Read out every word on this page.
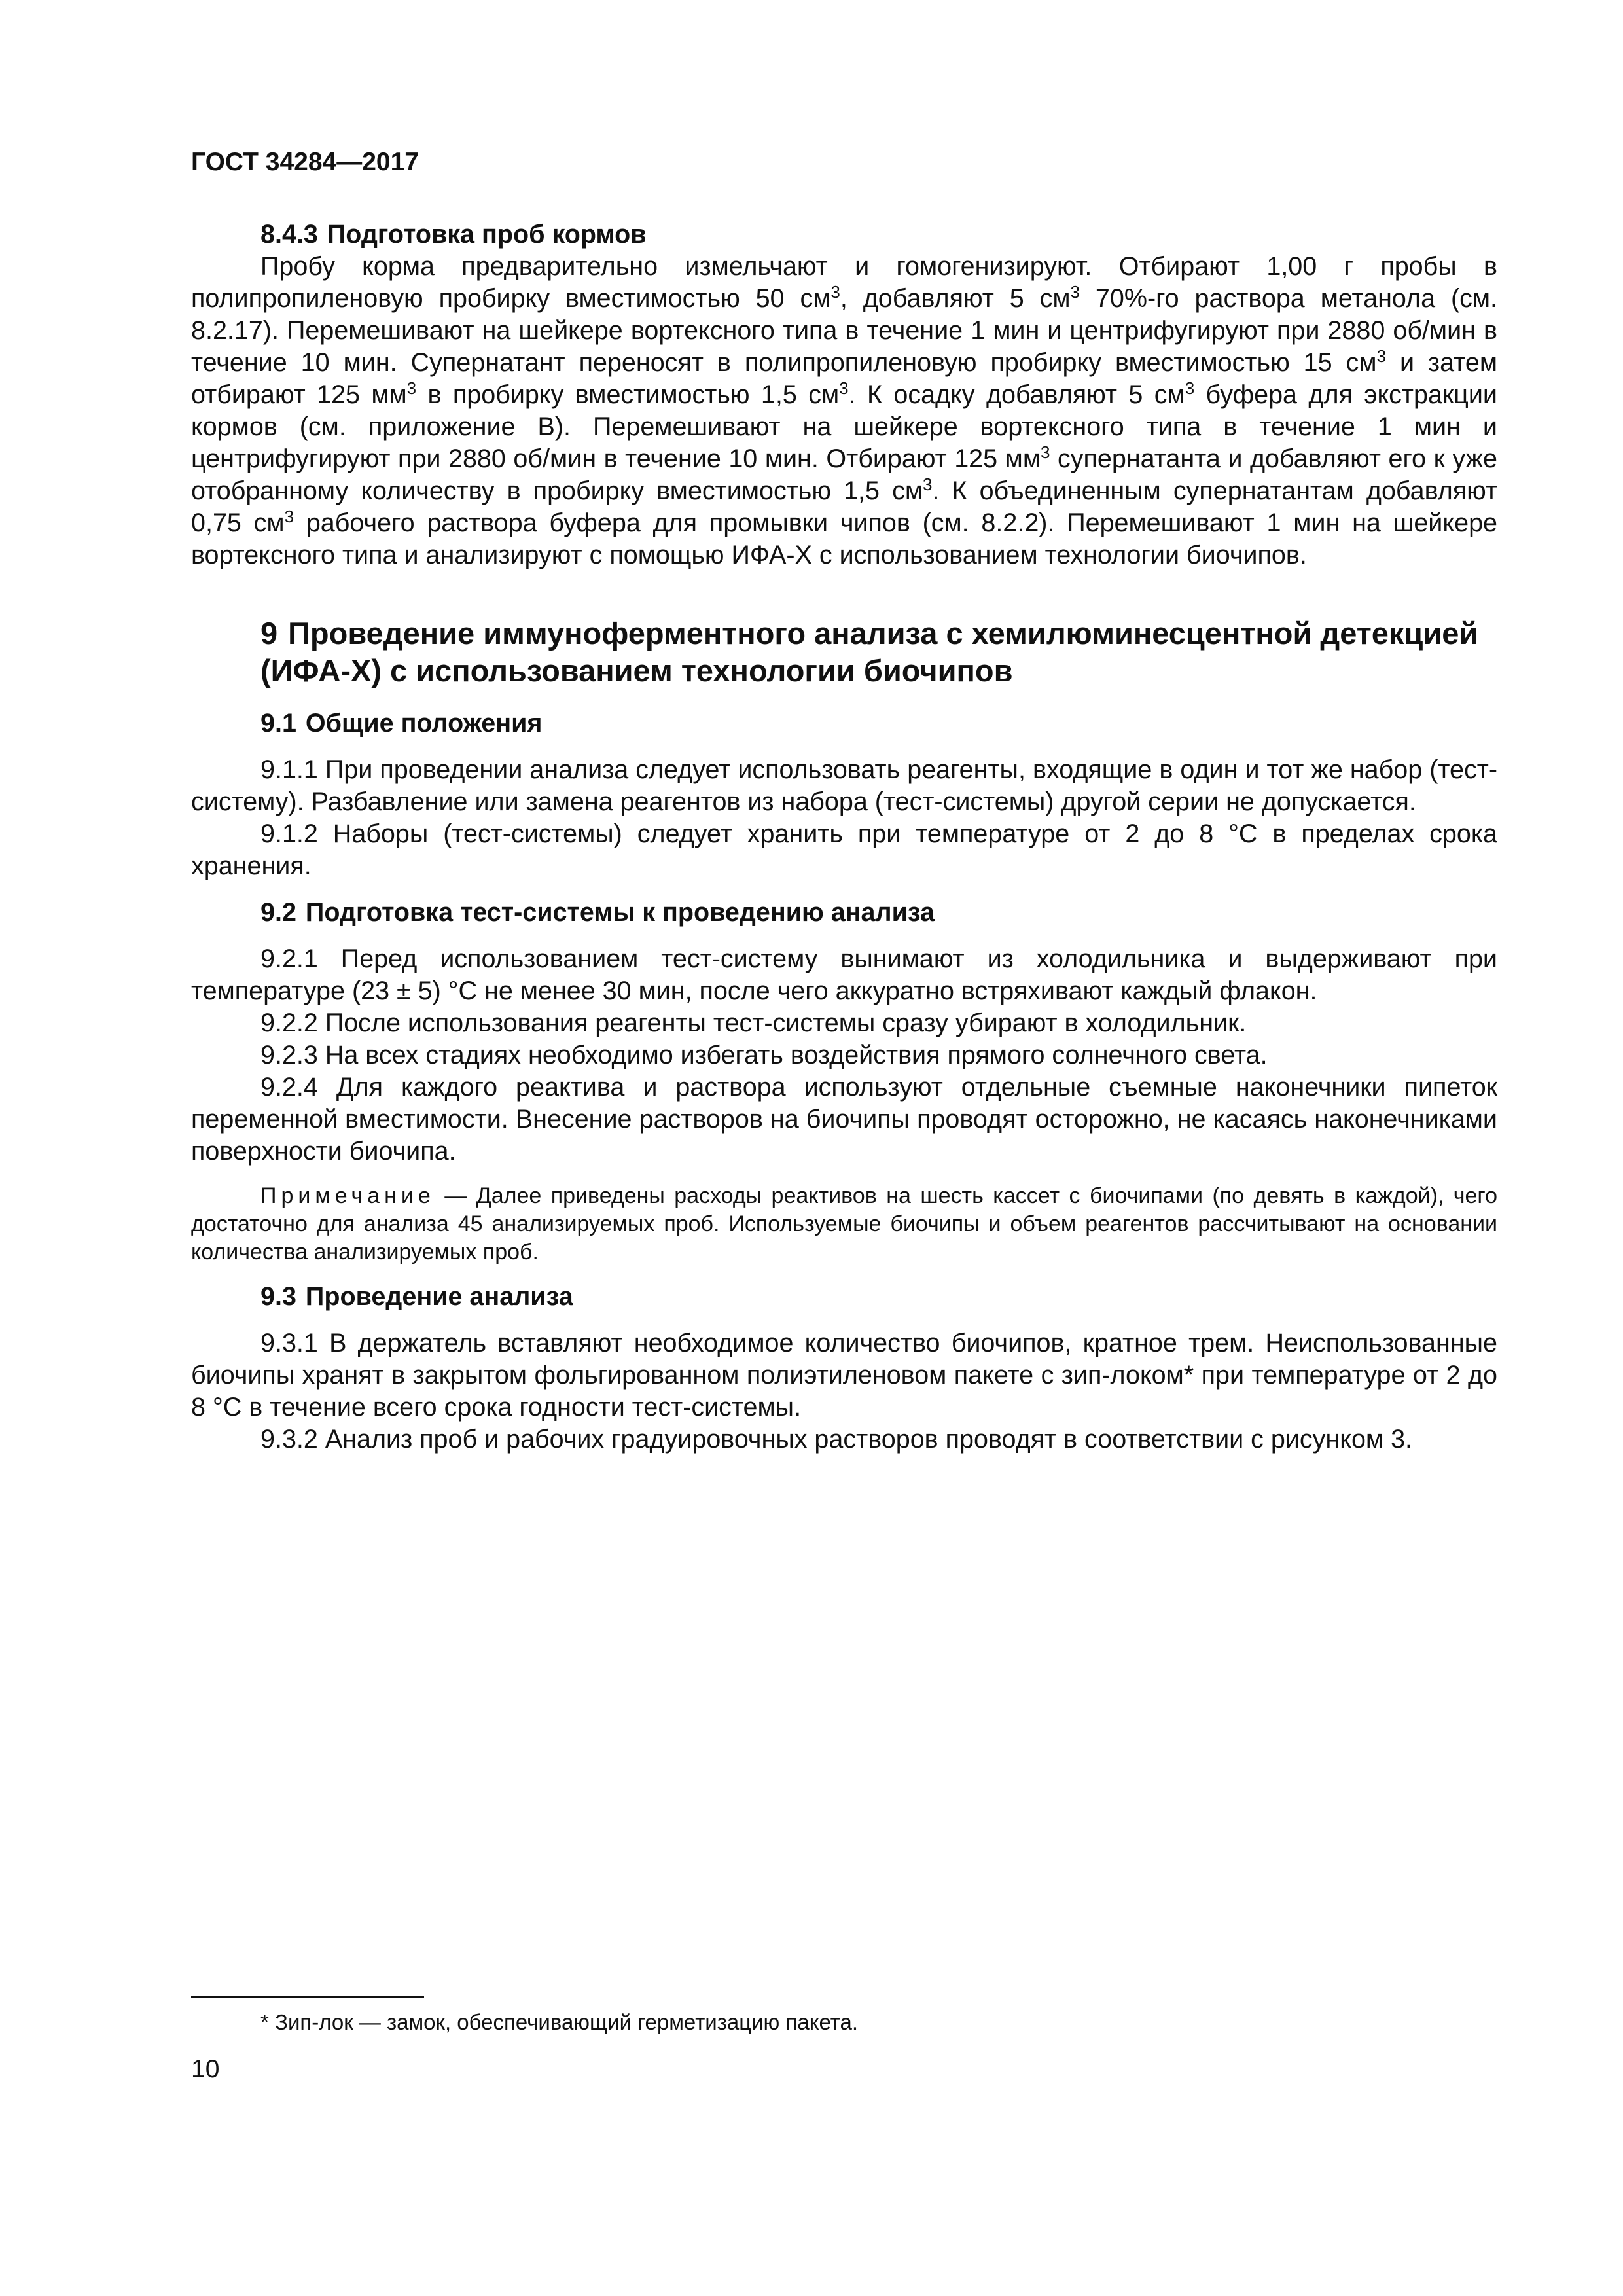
ГОСТ 34284—2017
8.4.3 Подготовка проб кормов

Пробу корма предварительно измельчают и гомогенизируют. Отбирают 1,00 г пробы в полипропиленовую пробирку вместимостью 50 $см^3$, добавляют 5 $см^3$ 70%-го раствора метанола (см. 8.2.17). Перемешивают на шейкере вортексного типа в течение 1 мин и центрифугируют при 2880 об/мин в течение 10 мин. Супернатант переносят в полипропиленовую пробирку вместимостью 15 $см^3$ и затем отбирают 125 $мм^3$ в пробирку вместимостью 1,5 $см^3$. К осадку добавляют 5 $см^3$ буфера для экстракции кормов (см. приложение В). Перемешивают на шейкере вортексного типа в течение 1 мин и центрифугируют при 2880 об/мин в течение 10 мин. Отбирают 125 $мм^3$ супернатанта и добавляют его к уже отобранному количеству в пробирку вместимостью 1,5 $см^3$. К объединенным супернатантам добавляют 0,75 $см^3$ рабочего раствора буфера для промывки чипов (см. 8.2.2). Перемешивают 1 мин на шейкере вортексного типа и анализируют с помощью ИФА-Х с использованием технологии биочипов.

9 Проведение иммуноферментного анализа с хемилюминесцентной детекцией (ИФА-Х) с использованием технологии биочипов
9.1 Общие положения

9.1.1 При проведении анализа следует использовать реагенты, входящие в один и тот же набор (тест-систему). Разбавление или замена реагентов из набора (тест-системы) другой серии не допускается.

9.1.2 Наборы (тест-системы) следует хранить при температуре от 2 до 8 °С в пределах срока хранения.

9.2 Подготовка тест-системы к проведению анализа

9.2.1 Перед использованием тест-систему вынимают из холодильника и выдерживают при температуре (23 ± 5) °С не менее 30 мин, после чего аккуратно встряхивают каждый флакон.

9.2.2 После использования реагенты тест-системы сразу убирают в холодильник.

9.2.3 На всех стадиях необходимо избегать воздействия прямого солнечного света.

9.2.4 Для каждого реактива и раствора используют отдельные съемные наконечники пипеток переменной вместимости. Внесение растворов на биочипы проводят осторожно, не касаясь наконечниками поверхности биочипа.

Примечание — Далее приведены расходы реактивов на шесть кассет с биочипами (по девять в каждой), чего достаточно для анализа 45 анализируемых проб. Используемые биочипы и объем реагентов рассчитывают на основании количества анализируемых проб.
9.3 Проведение анализа

9.3.1 В держатель вставляют необходимое количество биочипов, кратное трем. Неиспользованные биочипы хранят в закрытом фольгированном полиэтиленовом пакете с зип-локом* при температуре от 2 до 8 °С в течение всего срока годности тест-системы.

9.3.2 Анализ проб и рабочих градуировочных растворов проводят в соответствии с рисунком 3.

* Зип-лок — замок, обеспечивающий герметизацию пакета.
10
